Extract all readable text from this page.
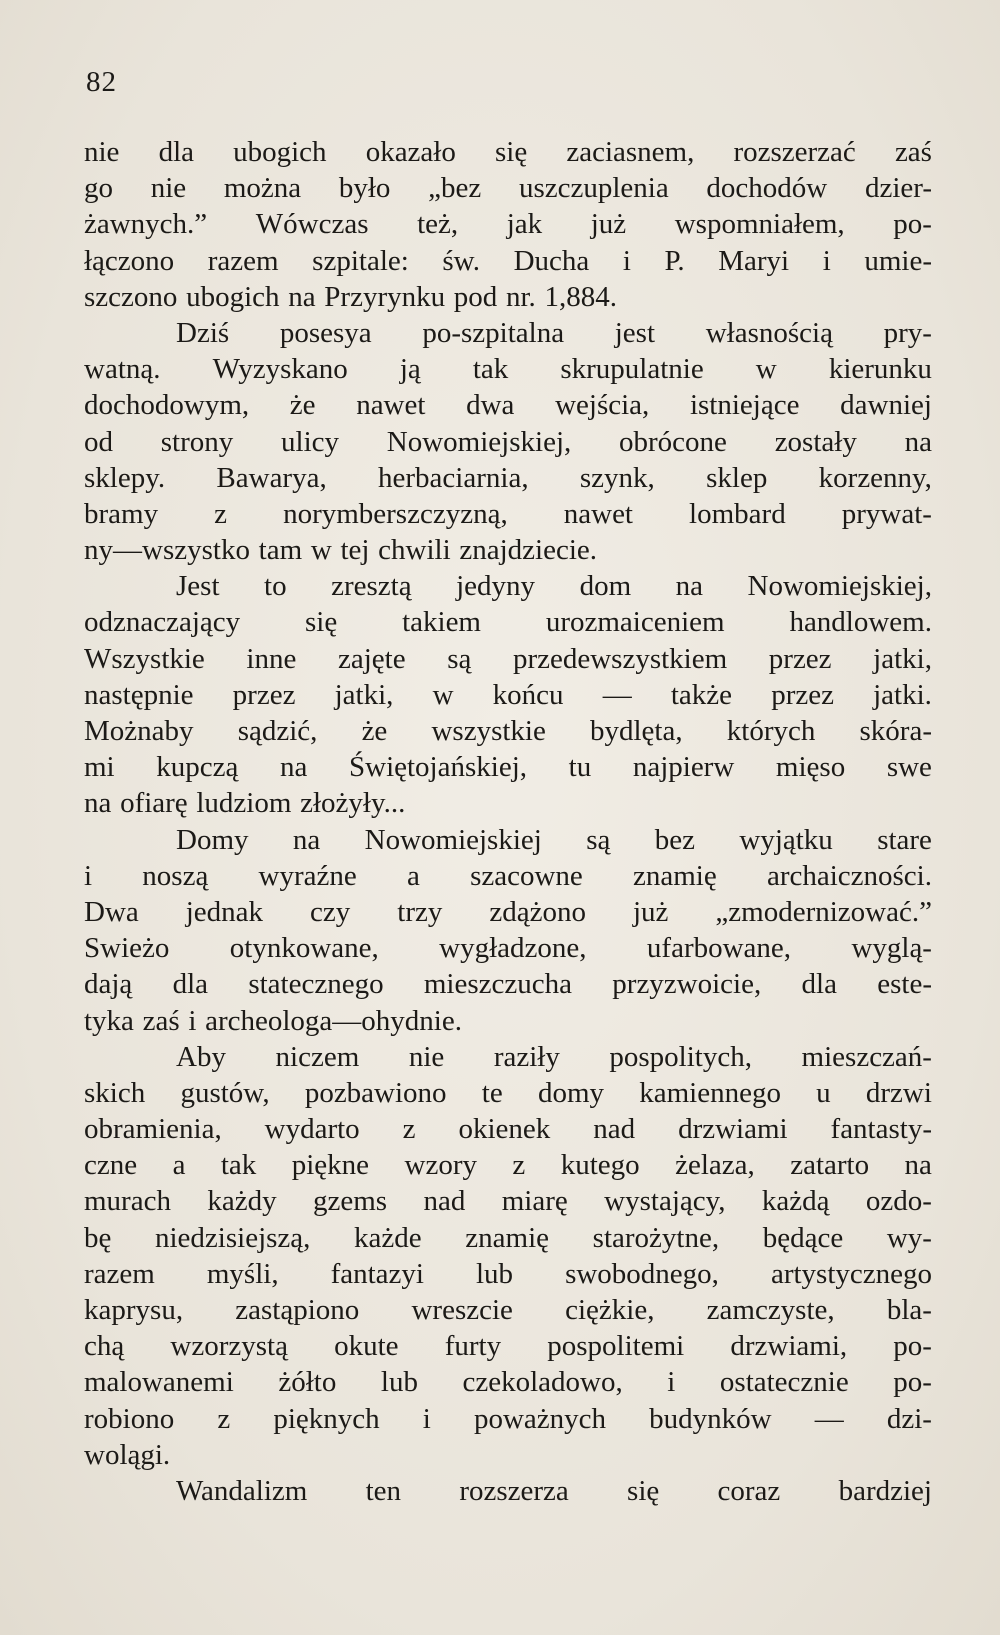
82
nie dla ubogich okazało się zaciasnem, rozszerzać zaś
go nie można było „bez uszczuplenia dochodów dzier-
żawnych.” Wówczas też, jak już wspomniałem, po-
łączono razem szpitale: św. Ducha i P. Maryi i umie-
szczono ubogich na Przyrynku pod nr. 1,884.
Dziś posesya po-szpitalna jest własnością pry-
watną. Wyzyskano ją tak skrupulatnie w kierunku
dochodowym, że nawet dwa wejścia, istniejące dawniej
od strony ulicy Nowomiejskiej, obrócone zostały na
sklepy. Bawarya, herbaciarnia, szynk, sklep korzenny,
bramy z norymberszczyzną, nawet lombard prywat-
ny—wszystko tam w tej chwili znajdziecie.
Jest to zresztą jedyny dom na Nowomiejskiej,
odznaczający się takiem urozmaiceniem handlowem.
Wszystkie inne zajęte są przedewszystkiem przez jatki,
następnie przez jatki, w końcu — także przez jatki.
Możnaby sądzić, że wszystkie bydlęta, których skóra-
mi kupczą na Świętojańskiej, tu najpierw mięso swe
na ofiarę ludziom złożyły...
Domy na Nowomiejskiej są bez wyjątku stare
i noszą wyraźne a szacowne znamię archaiczności.
Dwa jednak czy trzy zdążono już „zmodernizować.”
Swieżo otynkowane, wygładzone, ufarbowane, wyglą-
dają dla statecznego mieszczucha przyzwoicie, dla este-
tyka zaś i archeologa—ohydnie.
Aby niczem nie raziły pospolitych, mieszczań-
skich gustów, pozbawiono te domy kamiennego u drzwi
obramienia, wydarto z okienek nad drzwiami fantasty-
czne a tak piękne wzory z kutego żelaza, zatarto na
murach każdy gzems nad miarę wystający, każdą ozdo-
bę niedzisiejszą, każde znamię starożytne, będące wy-
razem myśli, fantazyi lub swobodnego, artystycznego
kaprysu, zastąpiono wreszcie ciężkie, zamczyste, bla-
chą wzorzystą okute furty pospolitemi drzwiami, po-
malowanemi żółto lub czekoladowo, i ostatecznie po-
robiono z pięknych i poważnych budynków — dzi-
wolągi.
Wandalizm ten rozszerza się coraz bardziej
